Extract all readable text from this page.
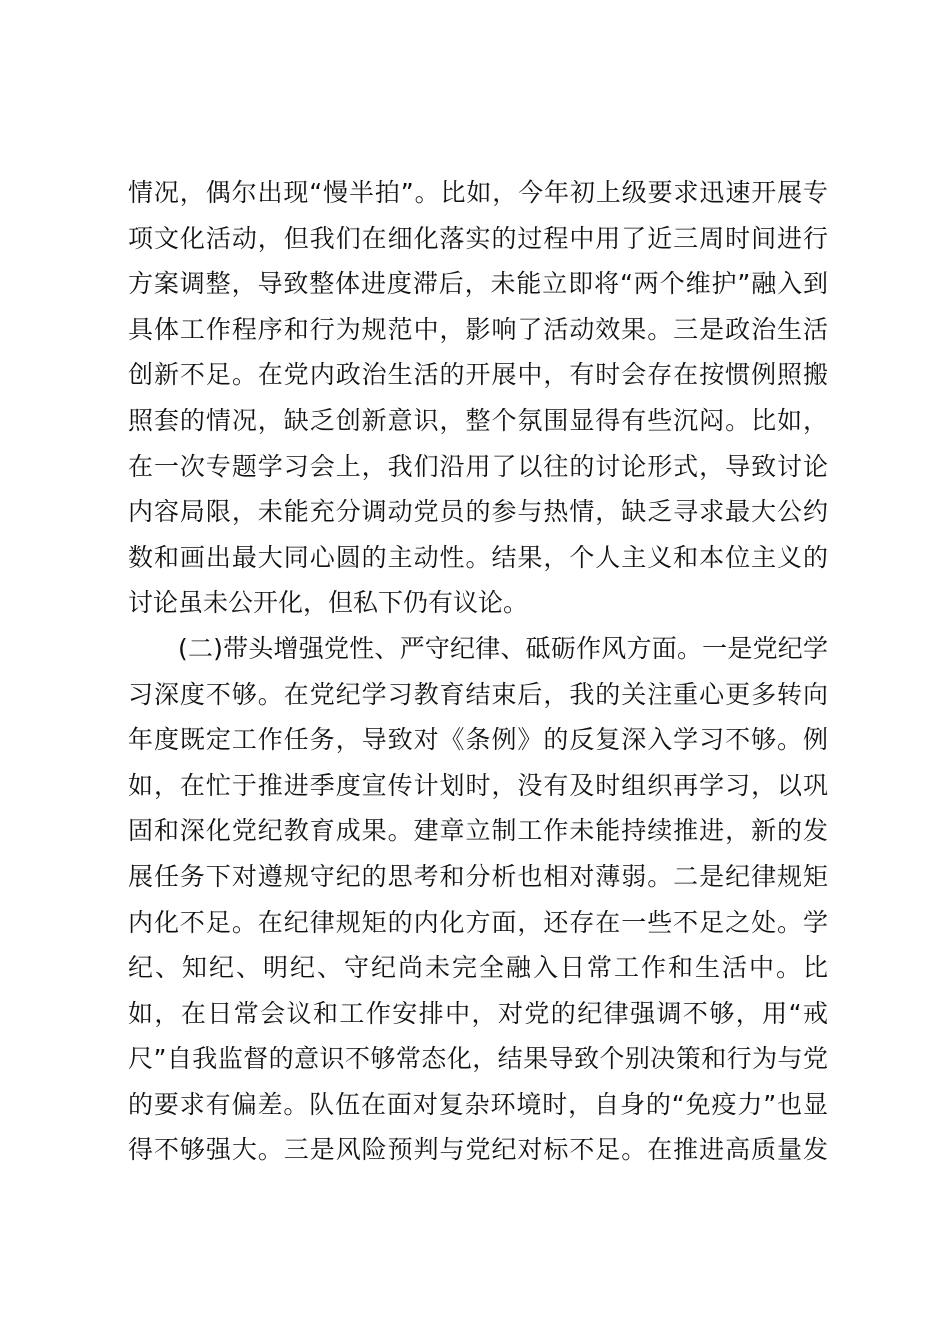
情况，偶尔出现“慢半拍”。比如，今年初上级要求迅速开展专
项文化活动，但我们在细化落实的过程中用了近三周时间进行
方案调整，导致整体进度滞后，未能立即将“两个维护”融入到
具体工作程序和行为规范中，影响了活动效果。三是政治生活
创新不足。在党内政治生活的开展中，有时会存在按惯例照搬
照套的情况，缺乏创新意识，整个氛围显得有些沉闷。比如，
在一次专题学习会上，我们沿用了以往的讨论形式，导致讨论
内容局限，未能充分调动党员的参与热情，缺乏寻求最大公约
数和画出最大同心圆的主动性。结果，个人主义和本位主义的
讨论虽未公开化，但私下仍有议论。
(二)带头增强党性、严守纪律、砥砺作风方面。一是党纪学
习深度不够。在党纪学习教育结束后，我的关注重心更多转向
年度既定工作任务，导致对《条例》的反复深入学习不够。例
如，在忙于推进季度宣传计划时，没有及时组织再学习，以巩
固和深化党纪教育成果。建章立制工作未能持续推进，新的发
展任务下对遵规守纪的思考和分析也相对薄弱。二是纪律规矩
内化不足。在纪律规矩的内化方面，还存在一些不足之处。学
纪、知纪、明纪、守纪尚未完全融入日常工作和生活中。比
如，在日常会议和工作安排中，对党的纪律强调不够，用“戒
尺”自我监督的意识不够常态化，结果导致个别决策和行为与党
的要求有偏差。队伍在面对复杂环境时，自身的“免疫力”也显
得不够强大。三是风险预判与党纪对标不足。在推进高质量发
